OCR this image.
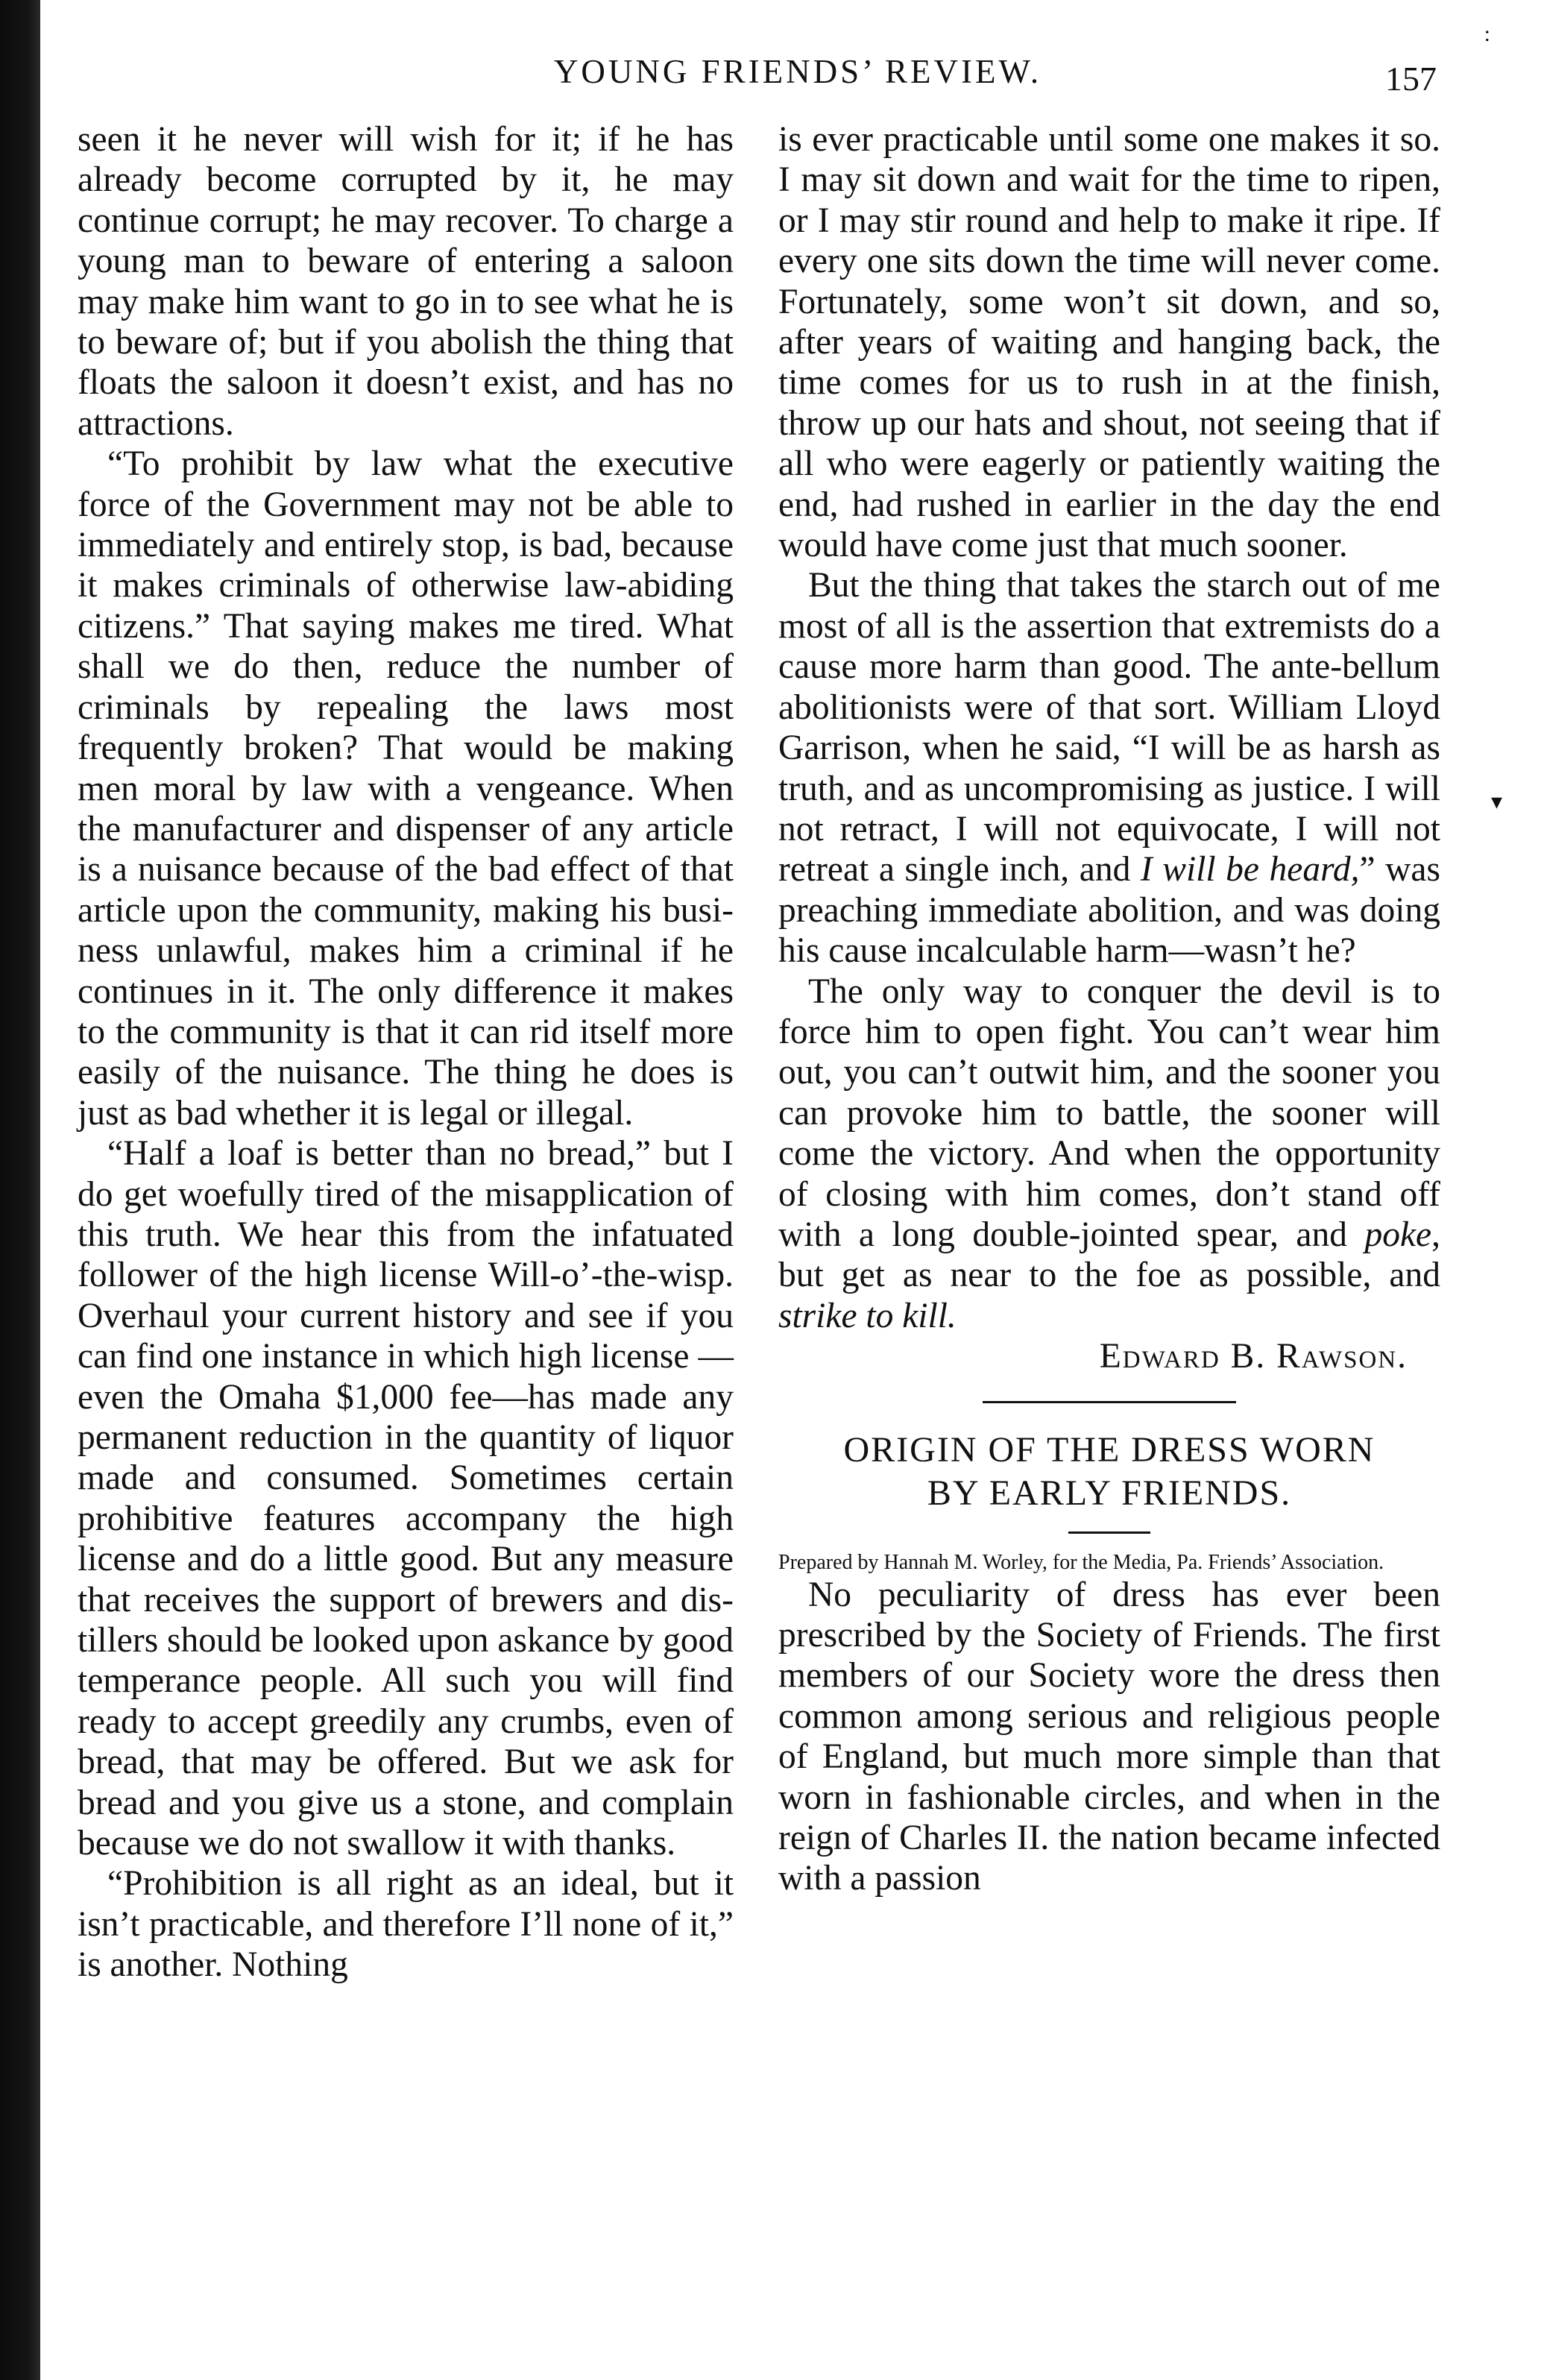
:
▾
YOUNG FRIENDS’ REVIEW.	157

seen it he never will wish for it; if he has already become corrupted by it, he may continue corrupt; he may recover. To charge a young man to beware of entering a saloon may make him want to go in to see what he is to beware of; but if you abolish the thing that floats the saloon it doesn’t exist, and has no attractions.

“To prohibit by law what the executive force of the Government may not be able to immediately and entirely stop, is bad, because it makes criminals of otherwise law-abiding citizens.” That saying makes me tired. What shall we do then, reduce the number of criminals by repealing the laws most frequently broken? That would be making men moral by law with a vengeance. When the manufacturer and dispenser of any article is a nuisance because of the bad effect of that article upon the community, making his business unlawful, makes him a criminal if he continues in it. The only difference it makes to the community is that it can rid itself more easily of the nuisance. The thing he does is just as bad whether it is legal or illegal.

“Half a loaf is better than no bread,” but I do get woefully tired of the misapplication of this truth. We hear this from the infatuated follower of the high license Will-o’-the-wisp. Overhaul your current history and see if you can find one instance in which high license —even the Omaha $1,000 fee—has made any permanent reduction in the quantity of liquor made and consumed. Sometimes certain prohibitive features accompany the high license and do a little good. But any measure that receives the support of brewers and distillers should be looked upon askance by good temperance people. All such you will find ready to accept greedily any crumbs, even of bread, that may be offered. But we ask for bread and you give us a stone, and complain because we do not swallow it with thanks.

“Prohibition is all right as an ideal, but it isn’t practicable, and therefore I’ll none of it,” is another. Nothing

is ever practicable until some one makes it so. I may sit down and wait for the time to ripen, or I may stir round and help to make it ripe. If every one sits down the time will never come. Fortunately, some won’t sit down, and so, after years of waiting and hanging back, the time comes for us to rush in at the finish, throw up our hats and shout, not seeing that if all who were eagerly or patiently waiting the end, had rushed in earlier in the day the end would have come just that much sooner.

But the thing that takes the starch out of me most of all is the assertion that extremists do a cause more harm than good. The ante-bellum abolitionists were of that sort. William Lloyd Garrison, when he said, “I will be as harsh as truth, and as uncompromising as justice. I will not retract, I will not equivocate, I will not retreat a single inch, and I will be heard,” was preaching immediate abolition, and was doing his cause incalculable harm—wasn’t he?

The only way to conquer the devil is to force him to open fight. You can’t wear him out, you can’t outwit him, and the sooner you can provoke him to battle, the sooner will come the victory. And when the opportunity of closing with him comes, don’t stand off with a long double-jointed spear, and poke, but get as near to the foe as possible, and strike to kill.

Edward B. Rawson.

ORIGIN OF THE DRESS WORN

BY EARLY FRIENDS.

Prepared by Hannah M. Worley, for the Media, Pa. Friends’ Association.

No peculiarity of dress has ever been prescribed by the Society of Friends. The first members of our Society wore the dress then common among serious and religious people of England, but much more simple than that worn in fashionable circles, and when in the reign of Charles II. the nation became infected with a passion
